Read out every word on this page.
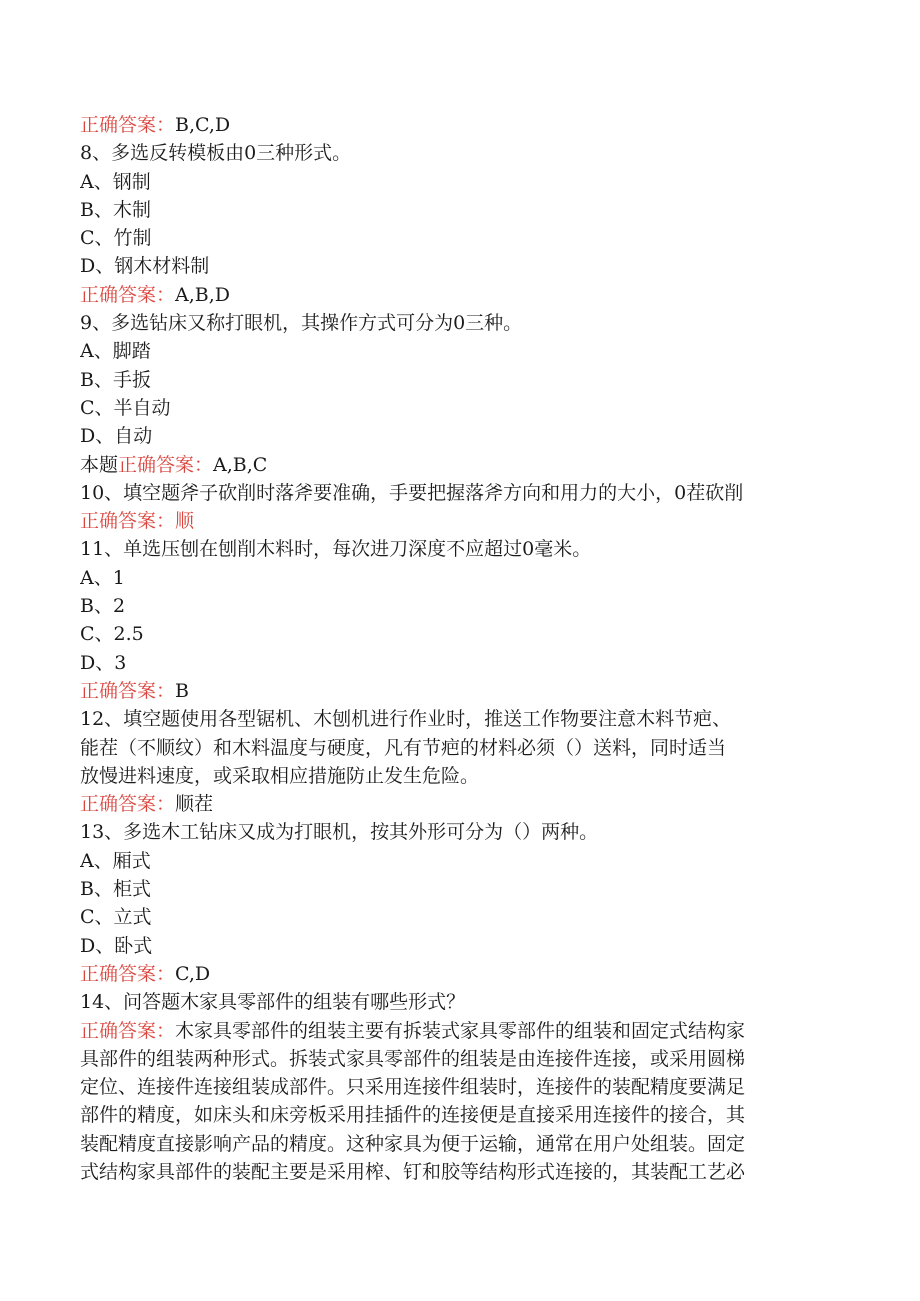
正确答案：B,C,D
8、多选反转模板由0三种形式。
A、钢制
B、木制
C、竹制
D、钢木材料制
正确答案：A,B,D
9、多选钻床又称打眼机，其操作方式可分为0三种。
A、脚踏
B、手扳
C、半自动
D、自动
本题正确答案：A,B,C
10、填空题斧子砍削时落斧要准确，手要把握落斧方向和用力的大小，0茬砍削
正确答案：顺
11、单选压刨在刨削木料时，每次进刀深度不应超过0毫米。
A、1
B、2
C、2.5
D、3
正确答案：B
12、填空题使用各型锯机、木刨机进行作业时，推送工作物要注意木料节疤、
能茬（不顺纹）和木料温度与硬度，凡有节疤的材料必须（）送料，同时适当
放慢进料速度，或采取相应措施防止发生危险。
正确答案：顺茬
13、多选木工钻床又成为打眼机，按其外形可分为（）两种。
A、厢式
B、柜式
C、立式
D、卧式
正确答案：C,D
14、问答题木家具零部件的组装有哪些形式？
正确答案：木家具零部件的组装主要有拆装式家具零部件的组装和固定式结构家
具部件的组装两种形式。拆装式家具零部件的组装是由连接件连接，或采用圆梯
定位、连接件连接组装成部件。只采用连接件组装时，连接件的装配精度要满足
部件的精度，如床头和床旁板采用挂插件的连接便是直接采用连接件的接合，其
装配精度直接影响产品的精度。这种家具为便于运输，通常在用户处组装。固定
式结构家具部件的装配主要是采用榨、钉和胶等结构形式连接的，其装配工艺必
